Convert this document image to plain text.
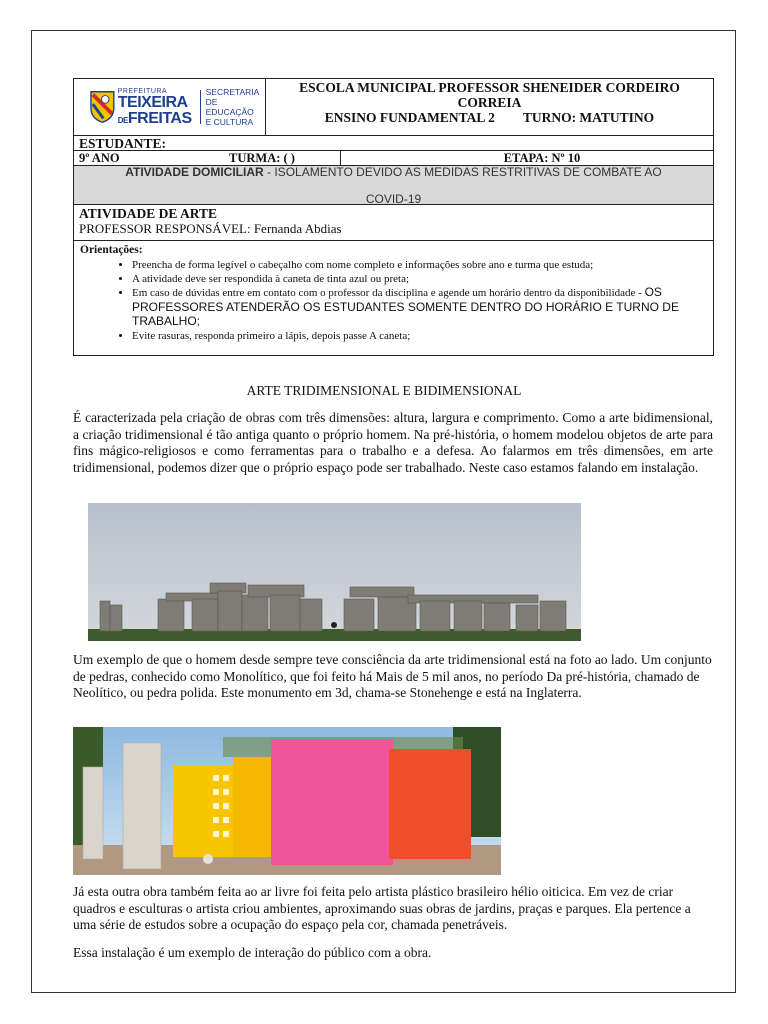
PREFEITURA
TEIXEIRA
DEFREITAS
SECRETARIA
DE EDUCAÇÃO
E CULTURA
ESCOLA MUNICIPAL PROFESSOR SHENEIDER CORDEIRO
CORREIA
ENSINO FUNDAMENTAL 2 TURNO: MATUTINO
ESTUDANTE:
9º ANO	TURMA: ( )	ETAPA: Nº 10
ATIVIDADE DOMICILIAR - ISOLAMENTO DEVIDO AS MEDIDAS RESTRITIVAS DE COMBATE AO
COVID-19
ATIVIDADE DE ARTE
PROFESSOR RESPONSÁVEL: Fernanda Abdias
Orientações:
• Preencha de forma legível o cabeçalho com nome completo e informações sobre ano e turma que estuda;
• A atividade deve ser respondida à caneta de tinta azul ou preta;
• Em caso de dúvidas entre em contato com o professor da disciplina e agende um horário dentro da disponibilidade - OS PROFESSORES ATENDERÃO OS ESTUDANTES SOMENTE DENTRO DO HORÁRIO E TURNO DE TRABALHO;
• Evite rasuras, responda primeiro a lápis, depois passe A caneta;
ARTE TRIDIMENSIONAL E BIDIMENSIONAL
É caracterizada pela criação de obras com três dimensões: altura, largura e comprimento. Como a arte bidimensional, a criação tridimensional é tão antiga quanto o próprio homem. Na pré-história, o homem modelou objetos de arte para fins mágico-religiosos e como ferramentas para o trabalho e a defesa. Ao falarmos em três dimensões, em arte tridimensional, podemos dizer que o próprio espaço pode ser trabalhado. Neste caso estamos falando em instalação.
Um exemplo de que o homem desde sempre teve consciência da arte tridimensional está na foto ao lado. Um conjunto de pedras, conhecido como Monolítico, que foi feito há Mais de 5 mil anos, no período Da pré-história, chamado de Neolítico, ou pedra polida. Este monumento em 3d, chama-se Stonehenge e está na Inglaterra.
Já esta outra obra também feita ao ar livre foi feita pelo artista plástico brasileiro hélio oiticica. Em vez de criar quadros e esculturas o artista criou ambientes, aproximando suas obras de jardins, praças e parques. Ela pertence a uma série de estudos sobre a ocupação do espaço pela cor, chamada penetráveis.
Essa instalação é um exemplo de interação do público com a obra.
